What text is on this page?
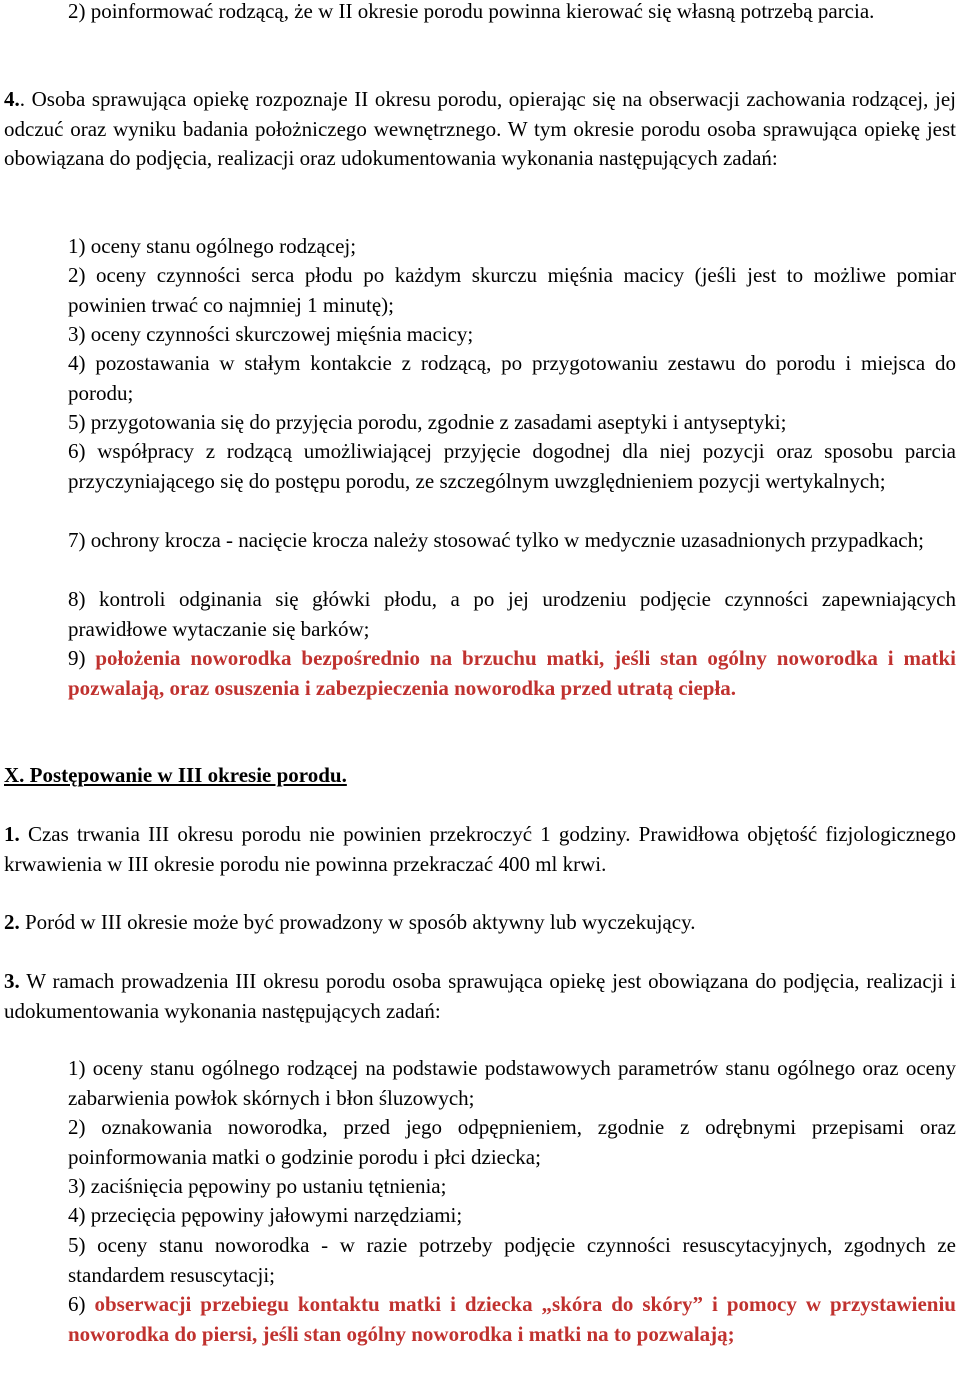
2) poinformować rodzącą, że w II okresie porodu powinna kierować się własną potrzebą parcia.

4.. Osoba sprawująca opiekę rozpoznaje II okresu porodu, opierając się na obserwacji zachowania rodzącej, jej odczuć oraz wyniku badania położniczego wewnętrznego. W tym okresie porodu osoba sprawująca opiekę jest obowiązana do podjęcia, realizacji oraz udokumentowania wykonania następujących zadań:

1) oceny stanu ogólnego rodzącej;

2) oceny czynności serca płodu po każdym skurczu mięśnia macicy (jeśli jest to możliwe pomiar powinien trwać co najmniej 1 minutę);

3) oceny czynności skurczowej mięśnia macicy;

4) pozostawania w stałym kontakcie z rodzącą, po przygotowaniu zestawu do porodu i miejsca do porodu;

5) przygotowania się do przyjęcia porodu, zgodnie z zasadami aseptyki i antyseptyki;

6) współpracy z rodzącą umożliwiającej przyjęcie dogodnej dla niej pozycji oraz sposobu parcia przyczyniającego się do postępu porodu, ze szczególnym uwzględnieniem pozycji wertykalnych;

7) ochrony krocza - nacięcie krocza należy stosować tylko w medycznie uzasadnionych przypadkach;

8) kontroli odginania się główki płodu, a po jej urodzeniu podjęcie czynności zapewniających prawidłowe wytaczanie się barków;

9) położenia noworodka bezpośrednio na brzuchu matki, jeśli stan ogólny noworodka i matki pozwalają, oraz osuszenia i zabezpieczenia noworodka przed utratą ciepła.

X. Postępowanie w III okresie porodu.

1. Czas trwania III okresu porodu nie powinien przekroczyć 1 godziny. Prawidłowa objętość fizjologicznego krwawienia w III okresie porodu nie powinna przekraczać 400 ml krwi.

2. Poród w III okresie może być prowadzony w sposób aktywny lub wyczekujący.

3. W ramach prowadzenia III okresu porodu osoba sprawująca opiekę jest obowiązana do podjęcia, realizacji i udokumentowania wykonania następujących zadań:

1) oceny stanu ogólnego rodzącej na podstawie podstawowych parametrów stanu ogólnego oraz oceny zabarwienia powłok skórnych i błon śluzowych;

2) oznakowania noworodka, przed jego odpępnieniem, zgodnie z odrębnymi przepisami oraz poinformowania matki o godzinie porodu i płci dziecka;

3) zaciśnięcia pępowiny po ustaniu tętnienia;

4) przecięcia pępowiny jałowymi narzędziami;

5) oceny stanu noworodka - w razie potrzeby podjęcie czynności resuscytacyjnych, zgodnych ze standardem resuscytacji;

6) obserwacji przebiegu kontaktu matki i dziecka „skóra do skóry” i pomocy w przystawieniu noworodka do piersi, jeśli stan ogólny noworodka i matki na to pozwalają;
